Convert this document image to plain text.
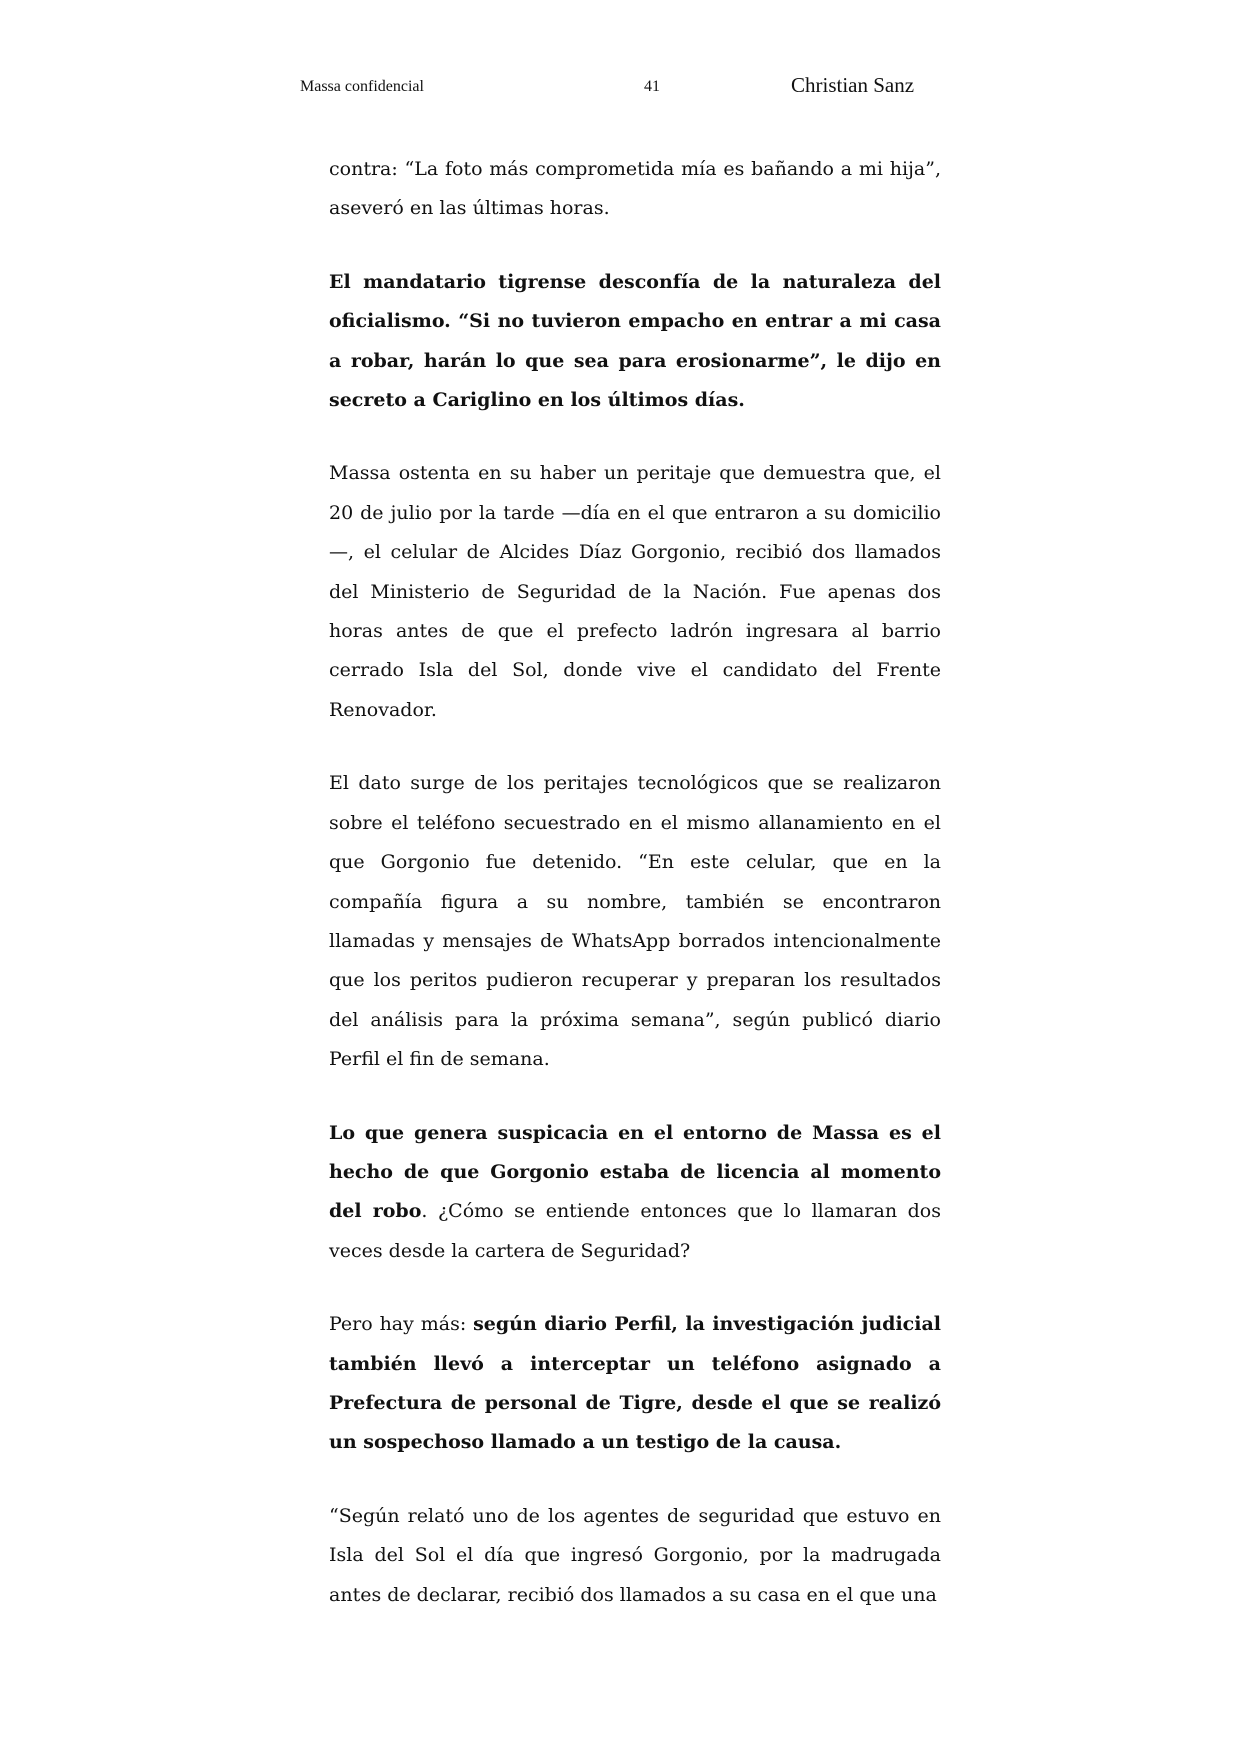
Massa confidencial	41	Christian Sanz

contra: “La foto más comprometida mía es bañando a mi hija”, aseveró en las últimas horas.

El mandatario tigrense desconfía de la naturaleza del oficialismo. “Si no tuvieron empacho en entrar a mi casa a robar, harán lo que sea para erosionarme”, le dijo en secreto a Cariglino en los últimos días.

Massa ostenta en su haber un peritaje que demuestra que, el 20 de julio por la tarde —día en el que entraron a su domicilio—, el celular de Alcides Díaz Gorgonio, recibió dos llamados del Ministerio de Seguridad de la Nación. Fue apenas dos horas antes de que el prefecto ladrón ingresara al barrio cerrado Isla del Sol, donde vive el candidato del Frente Renovador.

El dato surge de los peritajes tecnológicos que se realizaron sobre el teléfono secuestrado en el mismo allanamiento en el que Gorgonio fue detenido. “En este celular, que en la compañía figura a su nombre, también se encontraron llamadas y mensajes de WhatsApp borrados intencionalmente que los peritos pudieron recuperar y preparan los resultados del análisis para la próxima semana”, según publicó diario Perfil el fin de semana.

Lo que genera suspicacia en el entorno de Massa es el hecho de que Gorgonio estaba de licencia al momento del robo. ¿Cómo se entiende entonces que lo llamaran dos veces desde la cartera de Seguridad?

Pero hay más: según diario Perfil, la investigación judicial también llevó a interceptar un teléfono asignado a Prefectura de personal de Tigre, desde el que se realizó un sospechoso llamado a un testigo de la causa.

“Según relató uno de los agentes de seguridad que estuvo en Isla del Sol el día que ingresó Gorgonio, por la madrugada antes de declarar, recibió dos llamados a su casa en el que una
